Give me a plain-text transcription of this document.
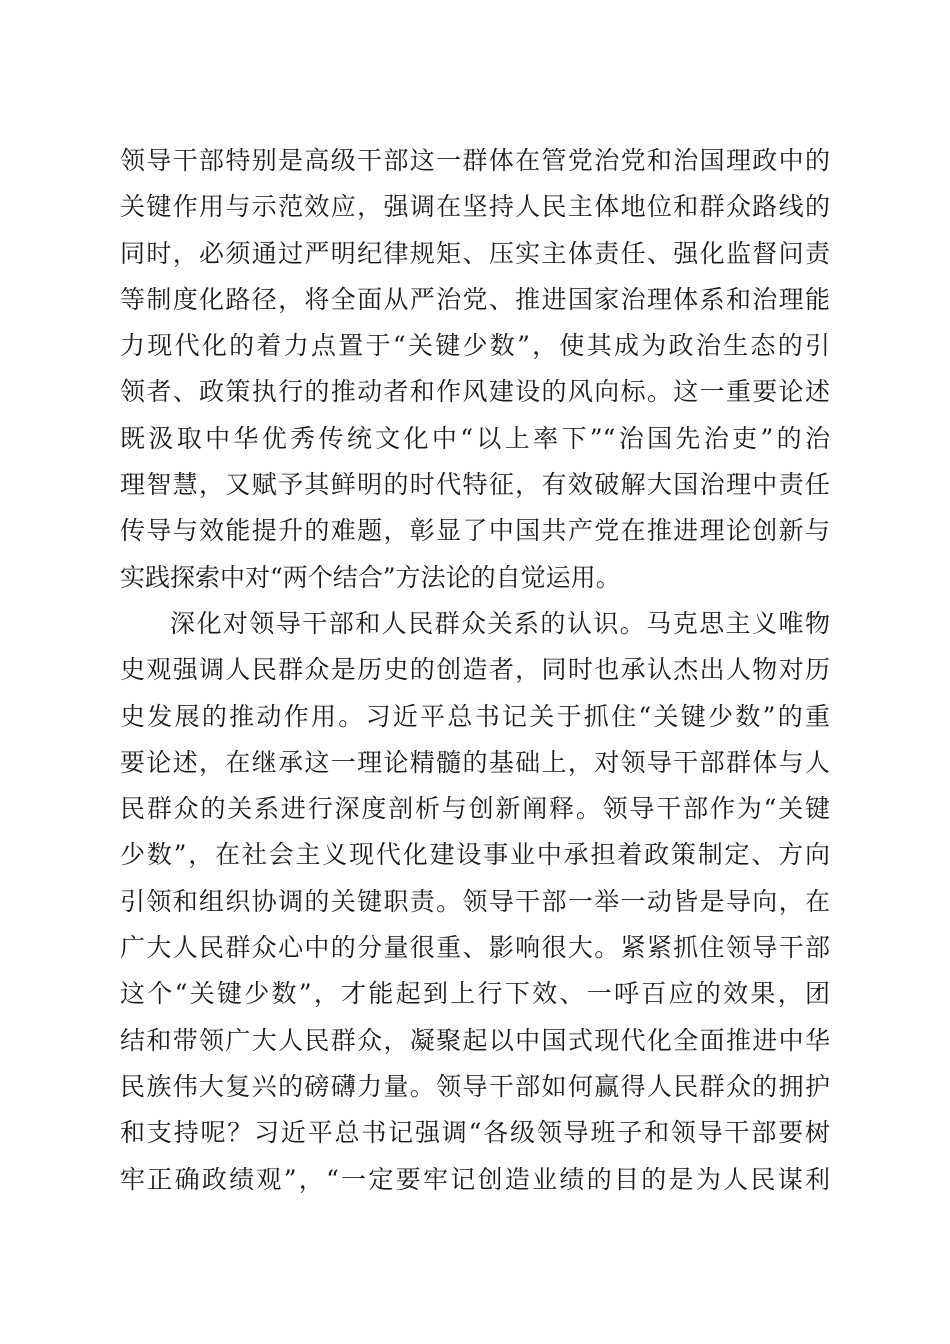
领导干部特别是高级干部这一群体在管党治党和治国理政中的
关键作用与示范效应，强调在坚持人民主体地位和群众路线的
同时，必须通过严明纪律规矩、压实主体责任、强化监督问责
等制度化路径，将全面从严治党、推进国家治理体系和治理能
力现代化的着力点置于“关键少数”，使其成为政治生态的引
领者、政策执行的推动者和作风建设的风向标。这一重要论述
既汲取中华优秀传统文化中“以上率下”“治国先治吏”的治
理智慧，又赋予其鲜明的时代特征，有效破解大国治理中责任
传导与效能提升的难题，彰显了中国共产党在推进理论创新与
实践探索中对“两个结合”方法论的自觉运用。
深化对领导干部和人民群众关系的认识。马克思主义唯物
史观强调人民群众是历史的创造者，同时也承认杰出人物对历
史发展的推动作用。习近平总书记关于抓住“关键少数”的重
要论述，在继承这一理论精髓的基础上，对领导干部群体与人
民群众的关系进行深度剖析与创新阐释。领导干部作为“关键
少数”，在社会主义现代化建设事业中承担着政策制定、方向
引领和组织协调的关键职责。领导干部一举一动皆是导向，在
广大人民群众心中的分量很重、影响很大。紧紧抓住领导干部
这个“关键少数”，才能起到上行下效、一呼百应的效果，团
结和带领广大人民群众，凝聚起以中国式现代化全面推进中华
民族伟大复兴的磅礴力量。领导干部如何赢得人民群众的拥护
和支持呢？习近平总书记强调“各级领导班子和领导干部要树
牢正确政绩观”，“一定要牢记创造业绩的目的是为人民谋利
